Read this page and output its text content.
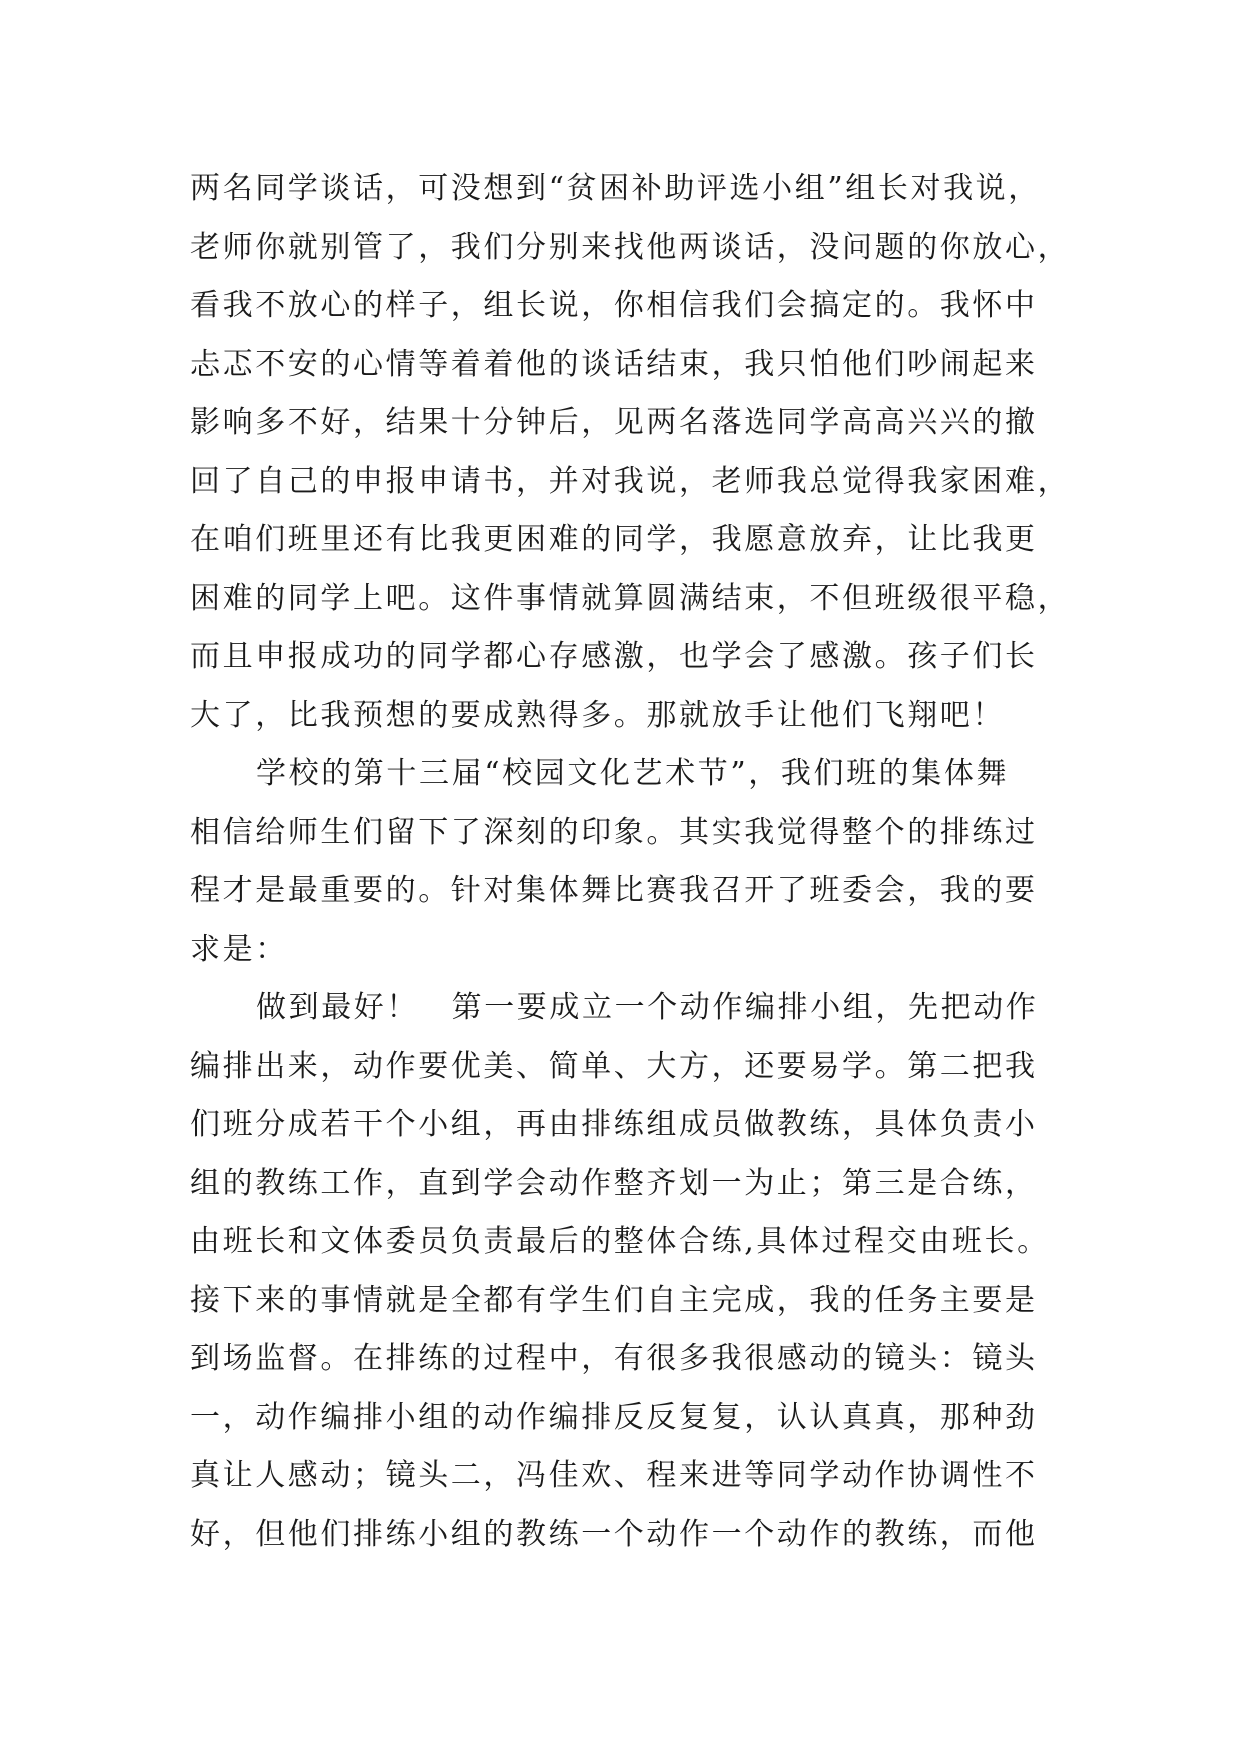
两名同学谈话，可没想到“贫困补助评选小组”组长对我说，
老师你就别管了，我们分别来找他两谈话，没问题的你放心，
看我不放心的样子，组长说，你相信我们会搞定的。我怀中
忐忑不安的心情等着着他的谈话结束，我只怕他们吵闹起来
影响多不好，结果十分钟后，见两名落选同学高高兴兴的撤
回了自己的申报申请书，并对我说，老师我总觉得我家困难，
在咱们班里还有比我更困难的同学，我愿意放弃，让比我更
困难的同学上吧。这件事情就算圆满结束，不但班级很平稳，
而且申报成功的同学都心存感激，也学会了感激。孩子们长
大了，比我预想的要成熟得多。那就放手让他们飞翔吧！
学校的第十三届“校园文化艺术节”，我们班的集体舞
相信给师生们留下了深刻的印象。其实我觉得整个的排练过
程才是最重要的。针对集体舞比赛我召开了班委会，我的要
求是：
做到最好！　第一要成立一个动作编排小组，先把动作
编排出来，动作要优美、简单、大方，还要易学。第二把我
们班分成若干个小组，再由排练组成员做教练，具体负责小
组的教练工作，直到学会动作整齐划一为止；第三是合练，
由班长和文体委员负责最后的整体合练,具体过程交由班长。
接下来的事情就是全都有学生们自主完成，我的任务主要是
到场监督。在排练的过程中，有很多我很感动的镜头：镜头
一，动作编排小组的动作编排反反复复，认认真真，那种劲
真让人感动；镜头二，冯佳欢、程来进等同学动作协调性不
好，但他们排练小组的教练一个动作一个动作的教练，而他
